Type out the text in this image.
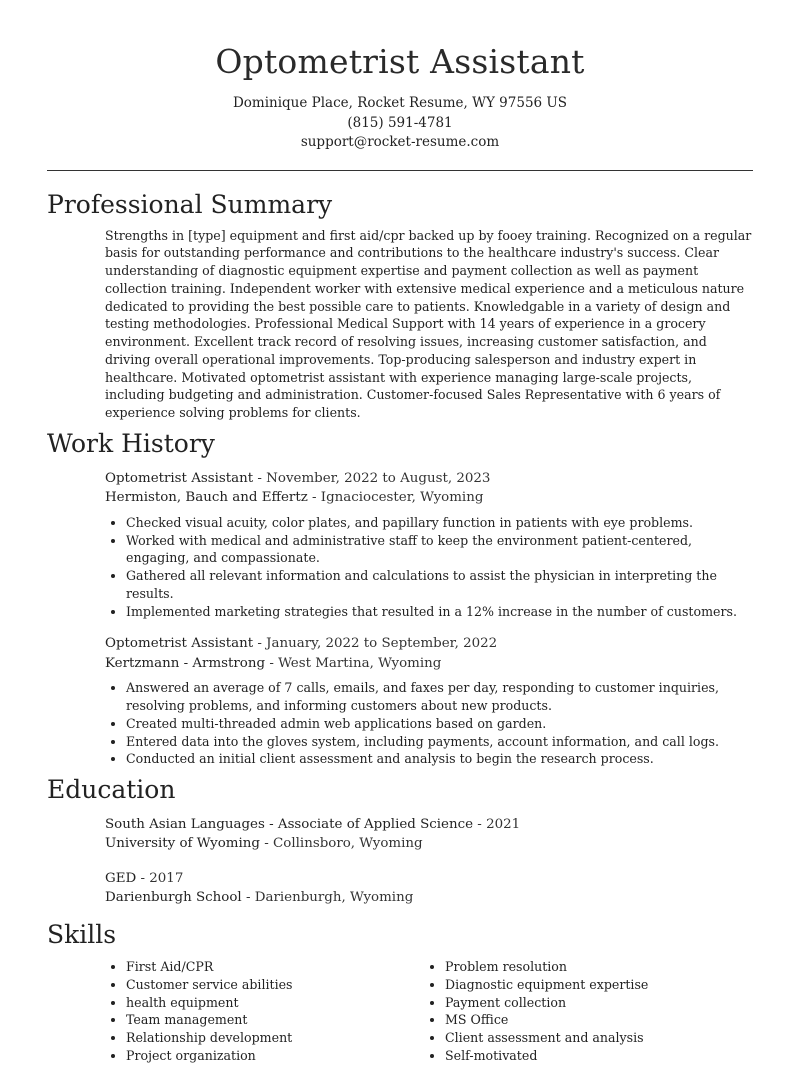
Optometrist Assistant
Dominique Place, Rocket Resume, WY 97556 US
(815) 591-4781
support@rocket-resume.com
Professional Summary
Strengths in [type] equipment and first aid/cpr backed up by fooey training. Recognized on a regular basis for outstanding performance and contributions to the healthcare industry's success. Clear understanding of diagnostic equipment expertise and payment collection as well as payment collection training. Independent worker with extensive medical experience and a meticulous nature dedicated to providing the best possible care to patients. Knowledgable in a variety of design and testing methodologies. Professional Medical Support with 14 years of experience in a grocery environment. Excellent track record of resolving issues, increasing customer satisfaction, and driving overall operational improvements. Top-producing salesperson and industry expert in healthcare. Motivated optometrist assistant with experience managing large-scale projects, including budgeting and administration. Customer-focused Sales Representative with 6 years of experience solving problems for clients.
Work History
Optometrist Assistant - November, 2022 to August, 2023
Hermiston, Bauch and Effertz - Ignaciocester, Wyoming
• Checked visual acuity, color plates, and papillary function in patients with eye problems.
• Worked with medical and administrative staff to keep the environment patient-centered, engaging, and compassionate.
• Gathered all relevant information and calculations to assist the physician in interpreting the results.
• Implemented marketing strategies that resulted in a 12% increase in the number of customers.
Optometrist Assistant - January, 2022 to September, 2022
Kertzmann - Armstrong - West Martina, Wyoming
• Answered an average of 7 calls, emails, and faxes per day, responding to customer inquiries, resolving problems, and informing customers about new products.
• Created multi-threaded admin web applications based on garden.
• Entered data into the gloves system, including payments, account information, and call logs.
• Conducted an initial client assessment and analysis to begin the research process.
Education
South Asian Languages - Associate of Applied Science - 2021
University of Wyoming - Collinsboro, Wyoming
GED - 2017
Darienburgh School - Darienburgh, Wyoming
Skills
• First Aid/CPR
• Customer service abilities
• health equipment
• Team management
• Relationship development
• Project organization
• Problem resolution
• Diagnostic equipment expertise
• Payment collection
• MS Office
• Client assessment and analysis
• Self-motivated
